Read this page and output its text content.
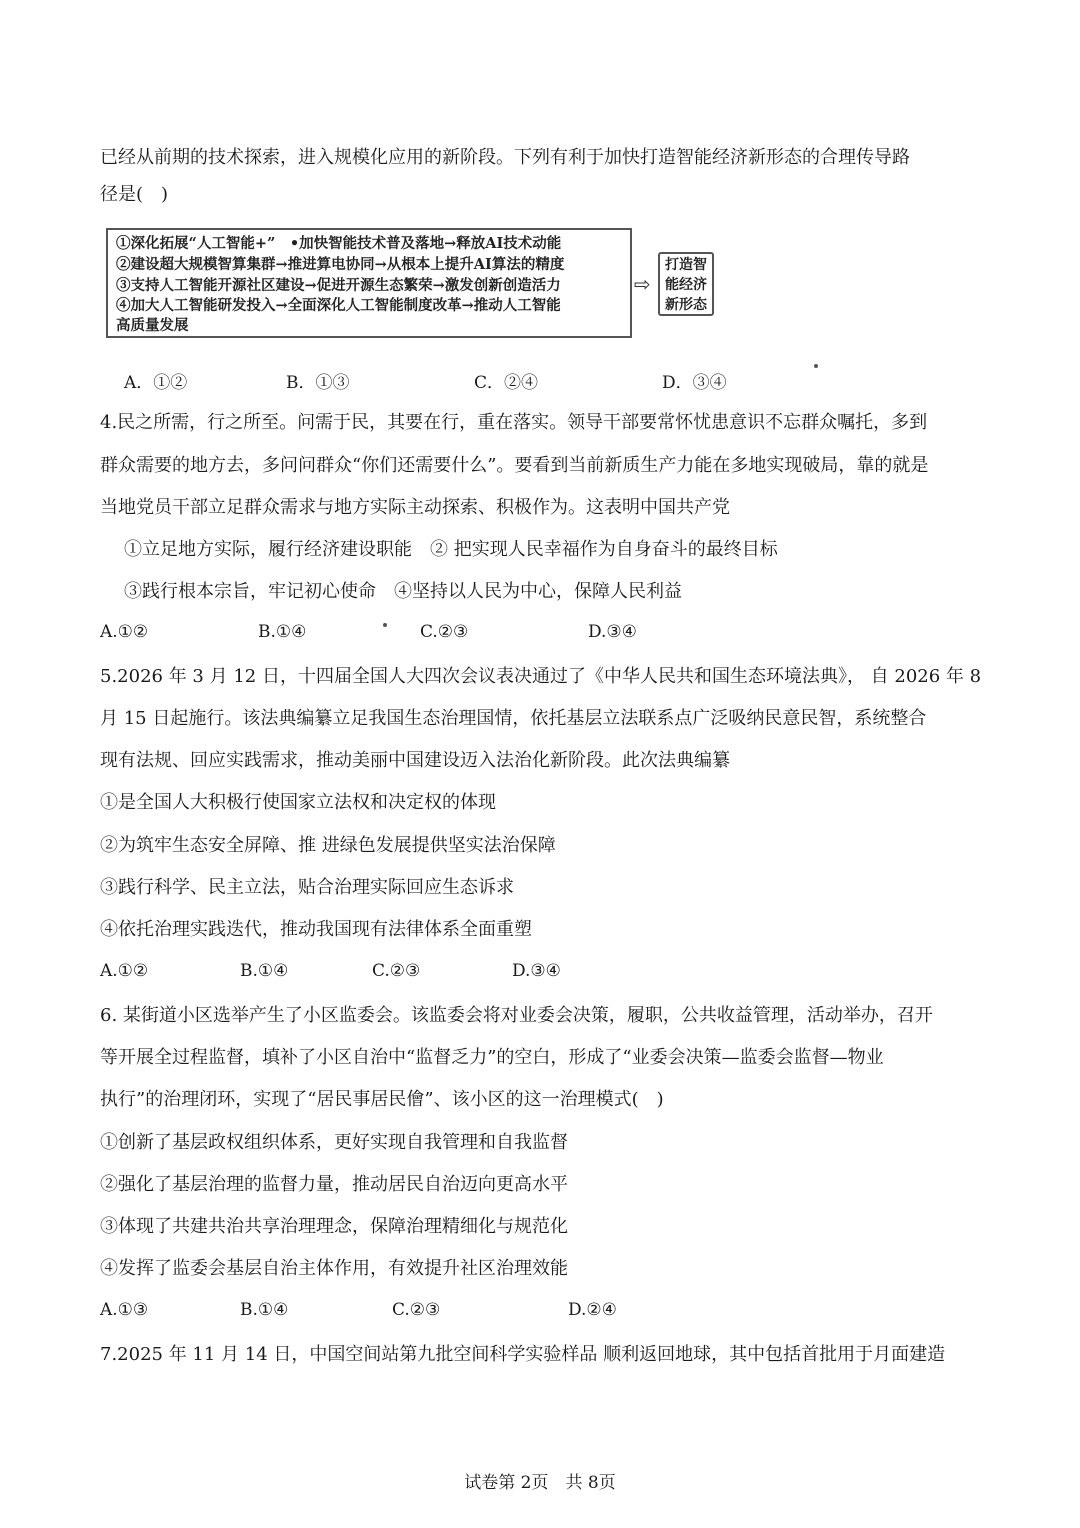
已经从前期的技术探索，进入规模化应用的新阶段。下列有利于加快打造智能经济新形态的合理传导路
径是(　)
①深化拓展“人工智能+”　•加快智能技术普及落地→释放AI技术动能
②建设超大规模智算集群→推进算电协同→从根本上提升AI算法的精度
③支持人工智能开源社区建设→促进开源生态繁荣→激发创新创造活力
④加大人工智能研发投入→全面深化人工智能制度改革→推动人工智能
高质量发展
⇨
打造智
能经济
新形态
A．①②	B．①③	C．②④	D．③④
4.民之所需，行之所至。问需于民，其要在行，重在落实。领导干部要常怀忧患意识不忘群众嘱托，多到
群众需要的地方去，多问问群众“你们还需要什么”。要看到当前新质生产力能在多地实现破局，靠的就是
当地党员干部立足群众需求与地方实际主动探索、积极作为。这表明中国共产党
①立足地方实际，履行经济建设职能　② 把实现人民幸福作为自身奋斗的最终目标
③践行根本宗旨，牢记初心使命　④坚持以人民为中心，保障人民利益
A.①②	B.①④	C.②③	D.③④
5.2026 年 3 月 12 日，十四届全国人大四次会议表决通过了《中华人民共和国生态环境法典》， 自 2026 年 8
月 15 日起施行。该法典编纂立足我国生态治理国情，依托基层立法联系点广泛吸纳民意民智，系统整合
现有法规、回应实践需求，推动美丽中国建设迈入法治化新阶段。此次法典编纂
①是全国人大积极行使国家立法权和决定权的体现
②为筑牢生态安全屏障、推 进绿色发展提供坚实法治保障
③践行科学、民主立法，贴合治理实际回应生态诉求
④依托治理实践迭代，推动我国现有法律体系全面重塑
A.①②	B.①④	C.②③	D.③④
6. 某街道小区选举产生了小区监委会。该监委会将对业委会决策，履职，公共收益管理，活动举办，召开
等开展全过程监督，填补了小区自治中“监督乏力”的空白，形成了“业委会决策—监委会监督—物业
执行”的治理闭环，实现了“居民事居民儈”、该小区的这一治理模式(　)
①创新了基层政权组织体系，更好实现自我管理和自我监督
②强化了基层治理的监督力量，推动居民自治迈向更高水平
③体现了共建共治共享治理理念，保障治理精细化与规范化
④发挥了监委会基层自治主体作用，有效提升社区治理效能
A.①③	B.①④	C.②③	D.②④
7.2025 年 11 月 14 日，中国空间站第九批空间科学实验样品 顺利返回地球，其中包括首批用于月面建造
试卷第 2页　共 8页
